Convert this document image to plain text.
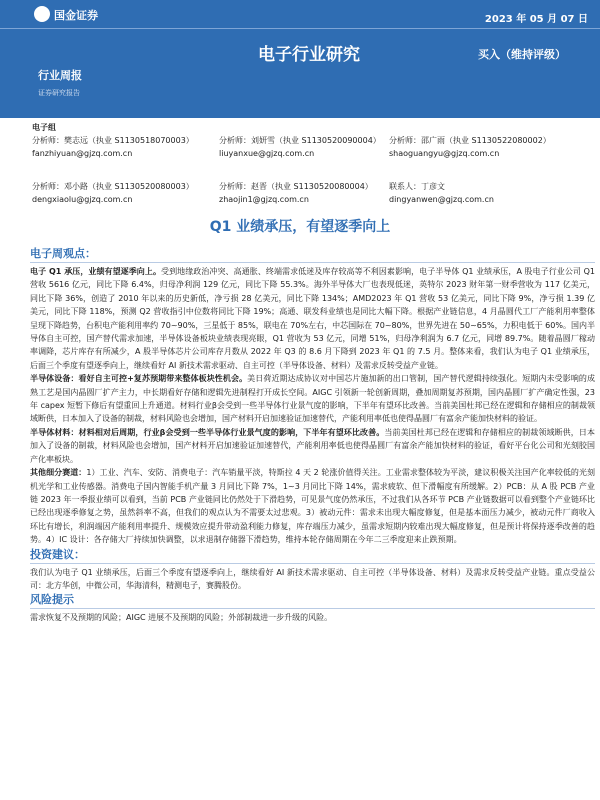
国金证券	2023 年 05 月 07 日
电子行业研究	买入（维持评级）
行业周报
证券研究报告
电子组
分析师：樊志远（执业 S1130518070003）
fanzhiyuan@gjzq.com.cn
分析师：刘妍雪（执业 S1130520090004）
liuyanxue@gjzq.com.cn
分析师：邵广雨（执业 S1130522080002）
shaoguangyu@gjzq.com.cn
分析师：邓小路（执业 S1130520080003）
dengxiaolu@gjzq.com.cn
分析师：赵晋（执业 S1130520080004）
zhaojin1@gjzq.com.cn
联系人：丁彦文
dingyanwen@gjzq.com.cn
Q1 业绩承压，有望逐季向上
电子周观点：

电子 Q1 承压，业绩有望逐季向上。受到地缘政治冲突、高通胀、终端需求低迷及库存较高等不利因素影响，电子半导体 Q1 业绩承压，A 股电子行业公司 Q1 营收 5616 亿元，同比下降 6.4%，归母净利润 129 亿元，同比下降 55.3%。海外半导体大厂也表现低迷，英特尔 2023 财年第一财季营收为 117 亿美元，同比下降 36%，创造了 2010 年以来的历史新低，净亏损 28 亿美元，同比下降 134%；AMD2023 年 Q1 营收 53 亿美元，同比下降 9%，净亏损 1.39 亿美元，同比下降 118%，预测 Q2 营收指引中位数将同比下降 19%；高通、联发科业绩也是同比大幅下降。根据产业链信息，4 月晶圆代工厂产能利用率整体呈现下降趋势，台积电产能利用率约 70~90%，三星低于 85%，联电在 70%左右，中芯国际在 70~80%，世界先进在 50~65%，力积电低于 60%。国内半导体自主可控，国产替代需求加速，半导体设备板块业绩表现亮眼，Q1 营收为 53 亿元，同增 51%，归母净利润为 6.7 亿元，同增 89.7%。随着晶圆厂稼动率调降，芯片库存有所减少，A 股半导体芯片公司库存月数从 2022 年 Q3 的 8.6 月下降到 2023 年 Q1 的 7.5 月。整体来看，我们认为电子 Q1 业绩承压，后面三个季度有望逐季向上，继续看好 AI 新技术需求驱动、自主可控（半导体设备、材料）及需求反转受益产业链。

半导体设备：看好自主可控+复苏预期带来整体板块性机会。美日荷近期达成协议对中国芯片施加新的出口管制，国产替代逻辑持续强化。短期内未受影响的成熟工艺是国内晶圆厂扩产主力，中长期看好存储和逻辑先进制程打开成长空间。AIGC 引领新一轮创新周期，叠加周期复苏预期，国内晶圆厂扩产确定性强，23 年 capex 短暂下修后有望重回上升通道。材料行业β会受到一些半导体行业景气度的影响，下半年有望环比改善。当前美国杜邦已经在逻辑和存储相应的制裁领域断供，日本加入了设备的制裁，材料风险也会增加，国产材料开启加速验证加速替代，产能利用率低也使得晶圆厂有富余产能加快材料的验证。

半导体材料：材料相对后周期，行业β会受到一些半导体行业景气度的影响，下半年有望环比改善。当前美国杜邦已经在逻辑和存储相应的制裁领域断供，日本加入了设备的制裁，材料风险也会增加，国产材料开启加速验证加速替代，产能利用率低也使得晶圆厂有富余产能加快材料的验证，看好平台化公司和光刻胶国产化率板块。

其他细分赛道：1）工业、汽车、安防、消费电子：汽车销量平淡，特斯拉 4 天 2 轮涨价值得关注。工业需求整体较为平淡，建议积极关注国产化率较低的光刻机光学和工业传感器。消费电子国内智能手机产量 3 月同比下降 7%，1~3 月同比下降 14%，需求疲软、但下滑幅度有所缓解。2）PCB：从 A 股 PCB 产业链 2023 年一季报业绩可以看到，当前 PCB 产业链同比仍然处于下滑趋势，可见景气度仍然承压，不过我们从各环节 PCB 产业链数据可以看到整个产业链环比已经出现逐季修复之势，虽然斜率不高，但我们的观点认为不需要太过悲观。3）被动元件：需求未出现大幅度修复，但是基本面压力减少，被动元件厂商收入环比有增长，利润端因产能利用率提升、规模效应提升带动盈利能力修复，库存端压力减少，虽需求短期内较难出现大幅度修复，但是预计将保持逐季改善的趋势。4）IC 设计：各存储大厂持续加快调整，以求退制存储器下滑趋势，维持本轮存储周期在今年二三季度迎来止跌预期。

投资建议：

我们认为电子 Q1 业绩承压，后面三个季度有望逐季向上，继续看好 AI 新技术需求驱动、自主可控（半导体设备、材料）及需求反转受益产业链。重点受益公司：北方华创，中微公司，华海清科，精测电子，赛腾股份。

风险提示

需求恢复不及预期的风险；AIGC 进展不及预期的风险；外部制裁进一步升级的风险。
